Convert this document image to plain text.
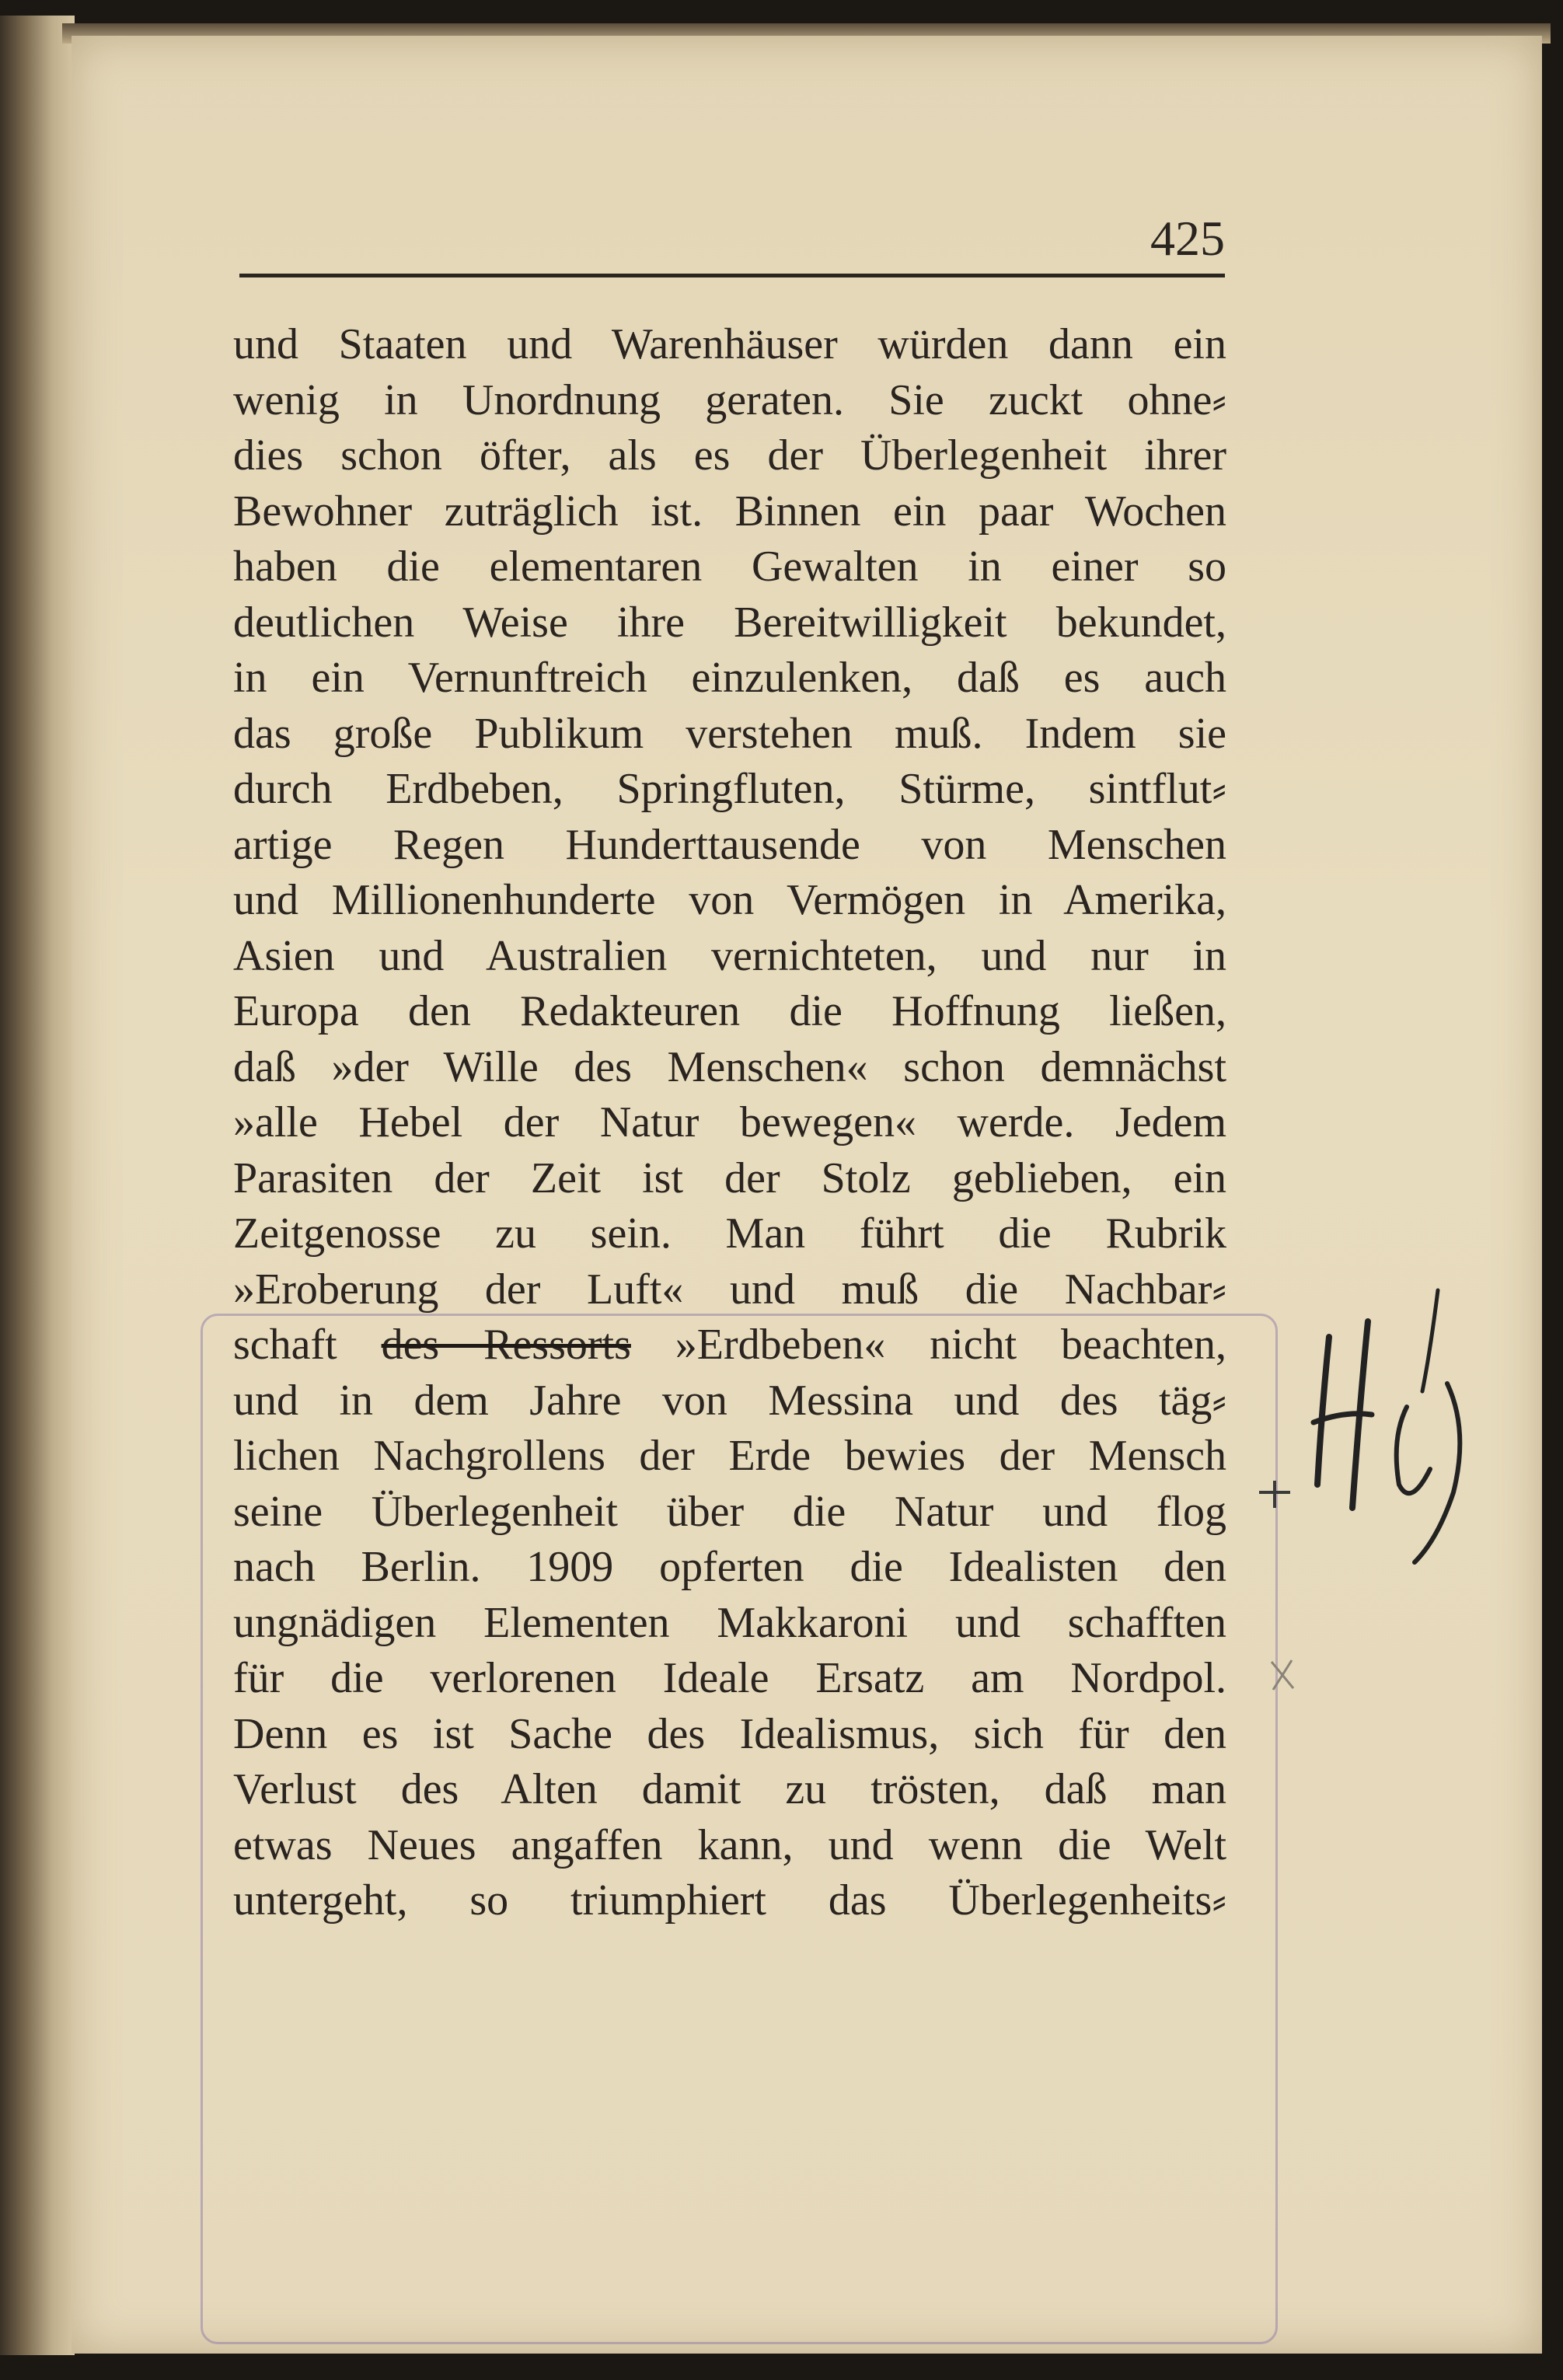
425
und Staaten und Warenhäuser würden dann ein
wenig in Unordnung geraten. Sie zuckt ohne⸗
dies schon öfter, als es der Überlegenheit ihrer
Bewohner zuträglich ist. Binnen ein paar Wochen
haben die elementaren Gewalten in einer so
deutlichen Weise ihre Bereitwilligkeit bekundet,
in ein Vernunftreich einzulenken, daß es auch
das große Publikum verstehen muß. Indem sie
durch Erdbeben, Springfluten, Stürme, sintflut⸗
artige Regen Hunderttausende von Menschen
und Millionenhunderte von Vermögen in Amerika,
Asien und Australien vernichteten, und nur in
Europa den Redakteuren die Hoffnung ließen,
daß »der Wille des Menschen« schon demnächst
»alle Hebel der Natur bewegen« werde. Jedem
Parasiten der Zeit ist der Stolz geblieben, ein
Zeitgenosse zu sein. Man führt die Rubrik
»Eroberung der Luft« und muß die Nachbar⸗
schaft des Ressorts »Erdbeben« nicht beachten,
und in dem Jahre von Messina und des täg⸗
lichen Nachgrollens der Erde bewies der Mensch
seine Überlegenheit über die Natur und flog
nach Berlin. 1909 opferten die Idealisten den
ungnädigen Elementen Makkaroni und schafften
für die verlorenen Ideale Ersatz am Nordpol.
Denn es ist Sache des Idealismus, sich für den
Verlust des Alten damit zu trösten, daß man
etwas Neues angaffen kann, und wenn die Welt
untergeht, so triumphiert das Überlegenheits⸗
